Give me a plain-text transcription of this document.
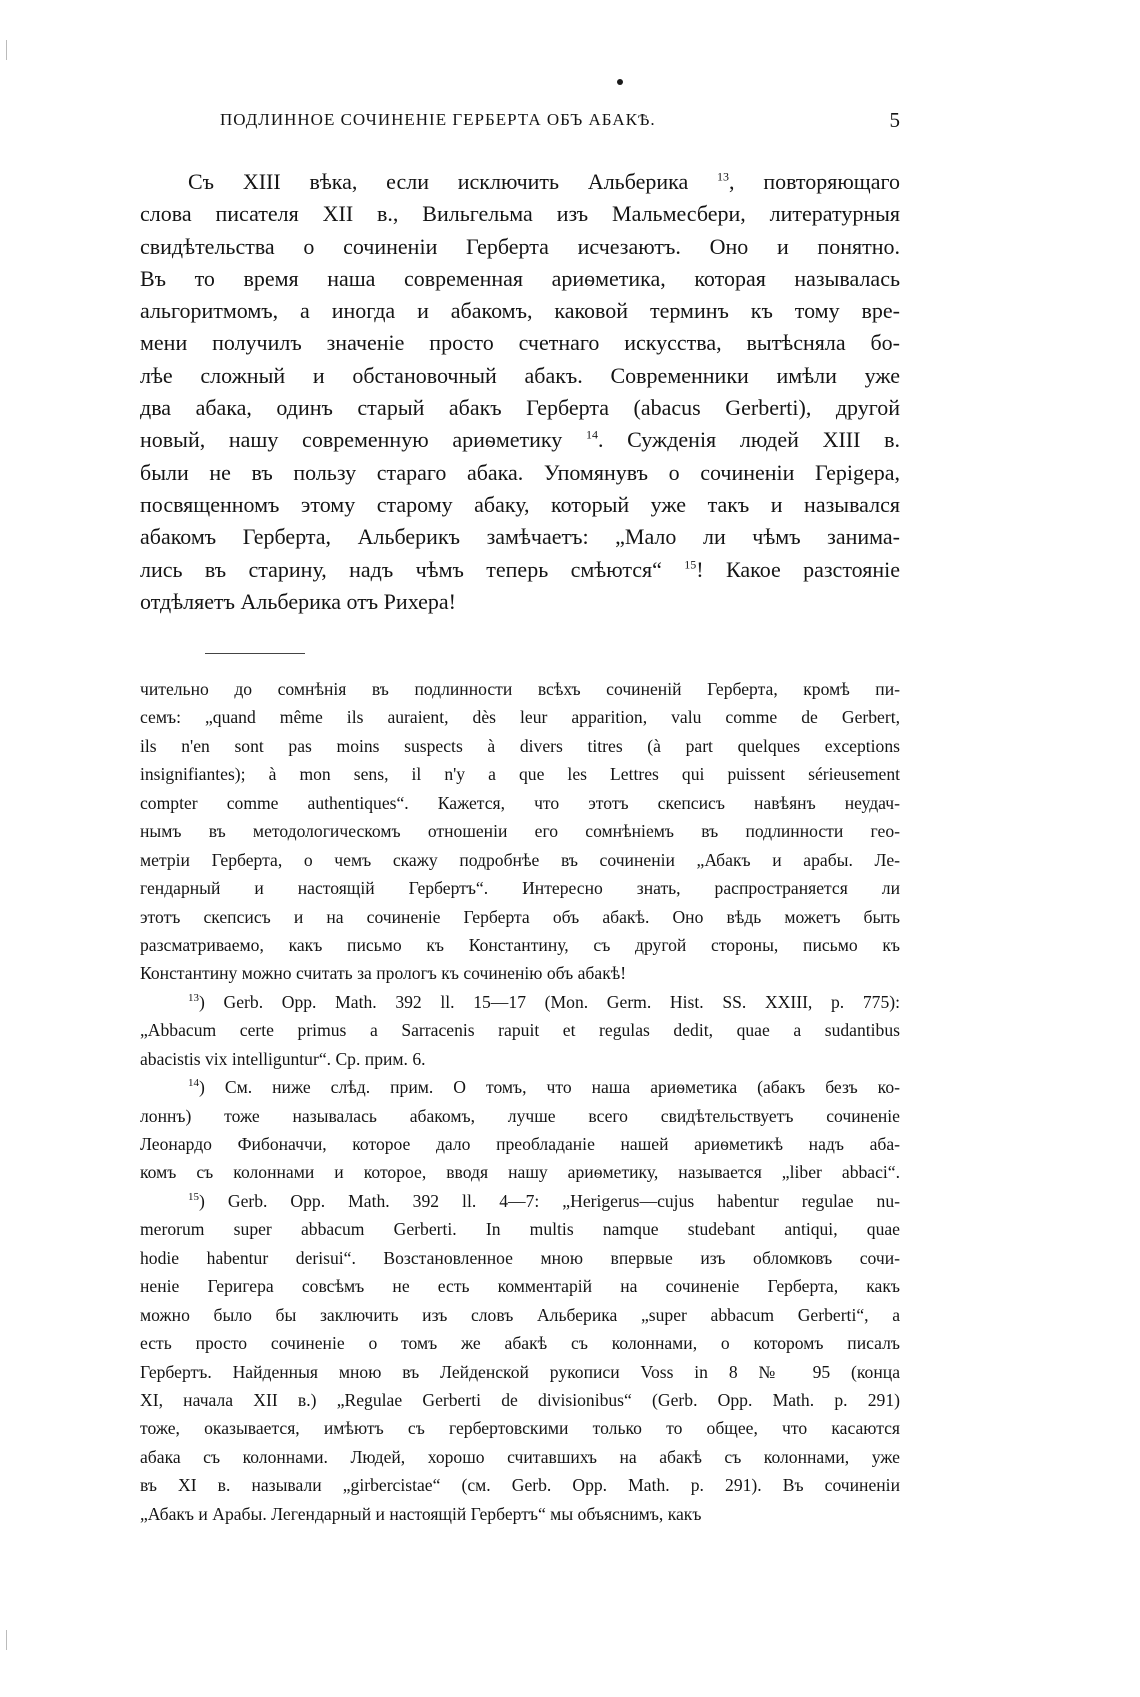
ПОДЛИННОЕ СОЧИНЕНІЕ ГЕРБЕРТА ОБЪ АБАКѢ.	5
Съ XIII вѣка, если исключить Альберика $^{13}$, повторяющаго
слова писателя XII в., Вильгельма изъ Мальмесбери, литературныя
свидѣтельства о сочиненіи Герберта исчезаютъ. Оно и понятно.
Въ то время наша современная ариѳметика, которая называлась
альгоритмомъ, а иногда и абакомъ, каковой терминъ къ тому вре-
мени получилъ значеніе просто счетнаго искусства, вытѣсняла бо-
лѣе сложный и обстановочный абакъ. Современники имѣли уже
два абака, одинъ старый абакъ Герберта (abacus Gerberti), другой
новый, нашу современную ариѳметику $^{14}$. Сужденія людей XIII в.
были не въ пользу стараго абака. Упомянувъ о сочиненіи Герigера,
посвященномъ этому старому абаку, который уже такъ и назывался
абакомъ Герберта, Альберикъ замѣчаетъ: „Мало ли чѣмъ занима-
лись въ старину, надъ чѣмъ теперь смѣются“ $^{15}$! Какое разстояніе
отдѣляетъ Альберика отъ Рихера!
чительно до сомнѣнія въ подлинности всѣхъ сочиненій Герберта, кромѣ пи-
семъ: „quand même ils auraient, dès leur apparition, valu comme de Gerbert,
ils n'en sont pas moins suspects à divers titres (à part quelques exceptions
insignifiantes); à mon sens, il n'y a que les Lettres qui puissent sérieusement
compter comme authentiques“. Кажется, что этотъ скепсисъ навѣянъ неудач-
нымъ въ методологическомъ отношеніи его сомнѣніемъ въ подлинности гео-
метріи Герберта, о чемъ скажу подробнѣе въ сочиненіи „Абакъ и арабы. Ле-
гендарный и настоящій Гербертъ“. Интересно знать, распространяется ли
этотъ скепсисъ и на сочиненіе Герберта объ абакѣ. Оно вѣдь можетъ быть
разсматриваемо, какъ письмо къ Константину, съ другой стороны, письмо къ
Константину можно считать за прологъ къ сочиненію объ абакѣ!
$^{13}$) Gerb. Opp. Math. 392 ll. 15—17 (Mon. Germ. Hist. SS. XXIII, p. 775):
„Abbacum certe primus a Sarracenis rapuit et regulas dedit, quae a sudantibus
abacistis vix intelliguntur“. Ср. прим. 6.
$^{14}$) См. ниже слѣд. прим. О томъ, что наша ариѳметика (абакъ безъ ко-
лоннъ) тоже называлась абакомъ, лучше всего свидѣтельствуетъ сочиненіе
Леонардо Фибоначчи, которое дало преобладаніе нашей ариѳметикѣ надъ аба-
комъ съ колоннами и которое, вводя нашу ариѳметику, называется „liber abbaci“.
$^{15}$) Gerb. Opp. Math. 392 ll. 4—7: „Herigerus—cujus habentur regulae nu-
merorum super abbacum Gerberti. In multis namque studebant antiqui, quae
hodie habentur derisui“. Возстановленное мною впервые изъ обломковъ сочи-
неніе Геригера совсѣмъ не есть комментарій на сочиненіе Герберта, какъ
можно было бы заключить изъ словъ Альберика „super abbacum Gerberti“, а
есть просто сочиненіе о томъ же абакѣ съ колоннами, о которомъ писалъ
Гербертъ. Найденныя мною въ Лейденской рукописи Voss in 8 № 95 (конца
XI, начала XII в.) „Regulae Gerberti de divisionibus“ (Gerb. Opp. Math. p. 291)
тоже, оказывается, имѣютъ съ гербертовскими только то общее, что касаются
абака съ колоннами. Людей, хорошо считавшихъ на абакѣ съ колоннами, уже
въ XI в. называли „girbercistae“ (см. Gerb. Opp. Math. p. 291). Въ сочиненіи
„Абакъ и Арабы. Легендарный и настоящій Гербертъ“ мы объяснимъ, какъ
